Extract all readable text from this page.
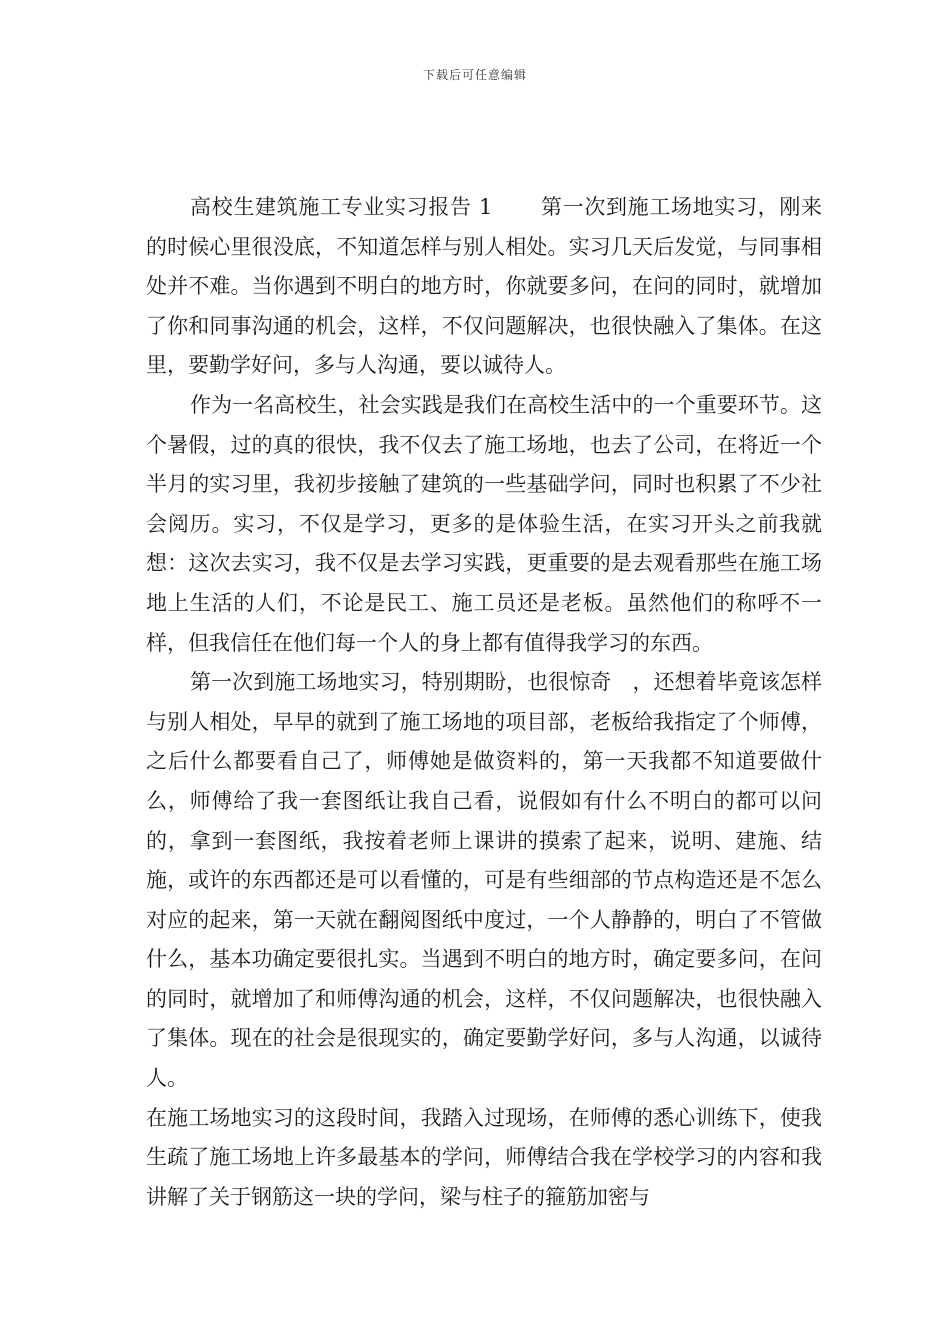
下载后可任意编辑

高校生建筑施工专业实习报告 1 第一次到施工场地实习，刚来的时候心里很没底，不知道怎样与别人相处。实习几天后发觉，与同事相处并不难。当你遇到不明白的地方时，你就要多问，在问的同时，就增加了你和同事沟通的机会，这样，不仅问题解决，也很快融入了集体。在这里，要勤学好问，多与人沟通，要以诚待人。

作为一名高校生，社会实践是我们在高校生活中的一个重要环节。这个暑假，过的真的很快，我不仅去了施工场地，也去了公司，在将近一个半月的实习里，我初步接触了建筑的一些基础学问，同时也积累了不少社会阅历。实习，不仅是学习，更多的是体验生活，在实习开头之前我就想：这次去实习，我不仅是去学习实践，更重要的是去观看那些在施工场地上生活的人们，不论是民工、施工员还是老板。虽然他们的称呼不一样，但我信任在他们每一个人的身上都有值得我学习的东西。

第一次到施工场地实习，特别期盼，也很惊奇　，还想着毕竟该怎样与别人相处，早早的就到了施工场地的项目部，老板给我指定了个师傅，之后什么都要看自己了，师傅她是做资料的，第一天我都不知道要做什么，师傅给了我一套图纸让我自己看，说假如有什么不明白的都可以问的，拿到一套图纸，我按着老师上课讲的摸索了起来，说明、建施、结施，或许的东西都还是可以看懂的，可是有些细部的节点构造还是不怎么对应的起来，第一天就在翻阅图纸中度过，一个人静静的，明白了不管做什么，基本功确定要很扎实。当遇到不明白的地方时，确定要多问，在问的同时，就增加了和师傅沟通的机会，这样，不仅问题解决，也很快融入了集体。现在的社会是很现实的，确定要勤学好问，多与人沟通，以诚待人。

在施工场地实习的这段时间，我踏入过现场，在师傅的悉心训练下，使我生疏了施工场地上许多最基本的学问，师傅结合我在学校学习的内容和我讲解了关于钢筋这一块的学问，梁与柱子的箍筋加密与
